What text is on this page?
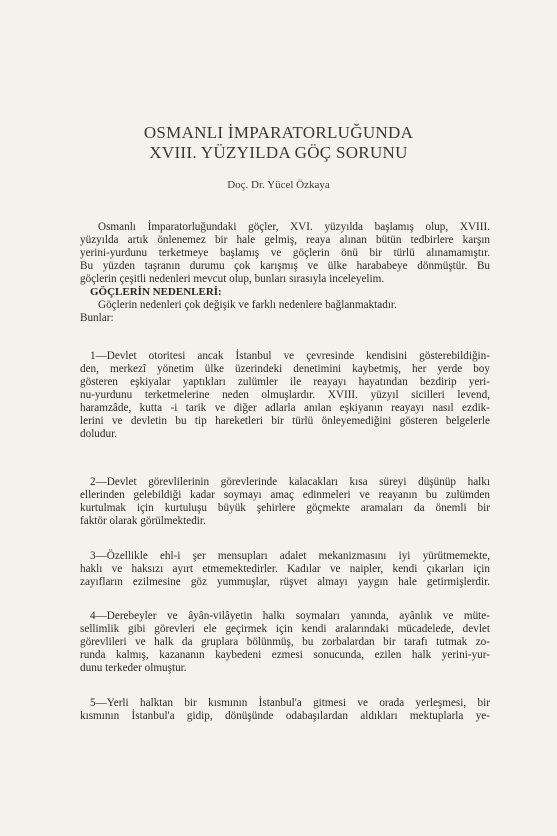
OSMANLI İMPARATORLUĞUNDA
XVIII. YÜZYILDA GÖÇ SORUNU
Doç. Dr. Yücel Özkaya
Osmanlı İmparatorluğundaki göçler, XVI. yüzyılda başlamış olup, XVIII.
yüzyılda artık önlenemez bir hale gelmiş, reaya alınan bütün tedbirlere karşın
yerini-yurdunu terketmeye başlamış ve göçlerin önü bir türlü alınamamıştır.
Bu yüzden taşranın durumu çok karışmış ve ülke harababeye dönmüştür. Bu
göçlerin çeşitli nedenleri mevcut olup, bunları sırasıyla inceleyelim.
GÖÇLERİN NEDENLERİ:
Göçlerin nedenleri çok değişik ve farklı nedenlere bağlanmaktadır.
Bunlar:
1—Devlet otoritesi ancak İstanbul ve çevresinde kendisini gösterebildiğin-
den, merkezî yönetim ülke üzerindeki denetimini kaybetmiş, her yerde boy
gösteren eşkiyalar yaptıkları zulümler ile reayayı hayatından bezdirip yeri-
nu-yurdunu terketmelerine neden olmuşlardır. XVIII. yüzyıl sicilleri levend,
haramzâde, kutta -i tarik ve diğer adlarla anılan eşkiyanın reayayı nasıl ezdik-
lerini ve devletin bu tip hareketleri bir türlü önleyemediğini gösteren belgelerle
doludur.
2—Devlet görevlilerinin görevlerinde kalacakları kısa süreyi düşünüp halkı
ellerinden gelebildiği kadar soymayı amaç edinmeleri ve reayanın bu zulümden
kurtulmak için kurtuluşu büyük şehirlere göçmekte aramaları da önemli bir
faktör olarak görülmektedir.
3—Özellikle ehl-i şer mensupları adalet mekanizmasını iyi yürütmemekte,
haklı ve haksızı ayırt etmemektedirler. Kadılar ve naipler, kendi çıkarları için
zayıfların ezilmesine göz yummuşlar, rüşvet almayı yaygın hale getirmişlerdir.
4—Derebeyler ve âyân-vilâyetin halkı soymaları yanında, ayânlık ve müte-
sellimlik gibi görevleri ele geçirmek için kendi aralarındaki mücadelede, devlet
görevlileri ve halk da gruplara bölünmüş, bu zorbalardan bir tarafı tutmak zo-
runda kalmış, kazananın kaybedeni ezmesi sonucunda, ezilen halk yerini-yur-
dunu terkeder olmuştur.
5—Yerli halktan bir kısmının İstanbul'a gitmesi ve orada yerleşmesi, bir
kısmının İstanbul'a gidip, dönüşünde odabaşılardan aldıkları mektuplarla ye-
